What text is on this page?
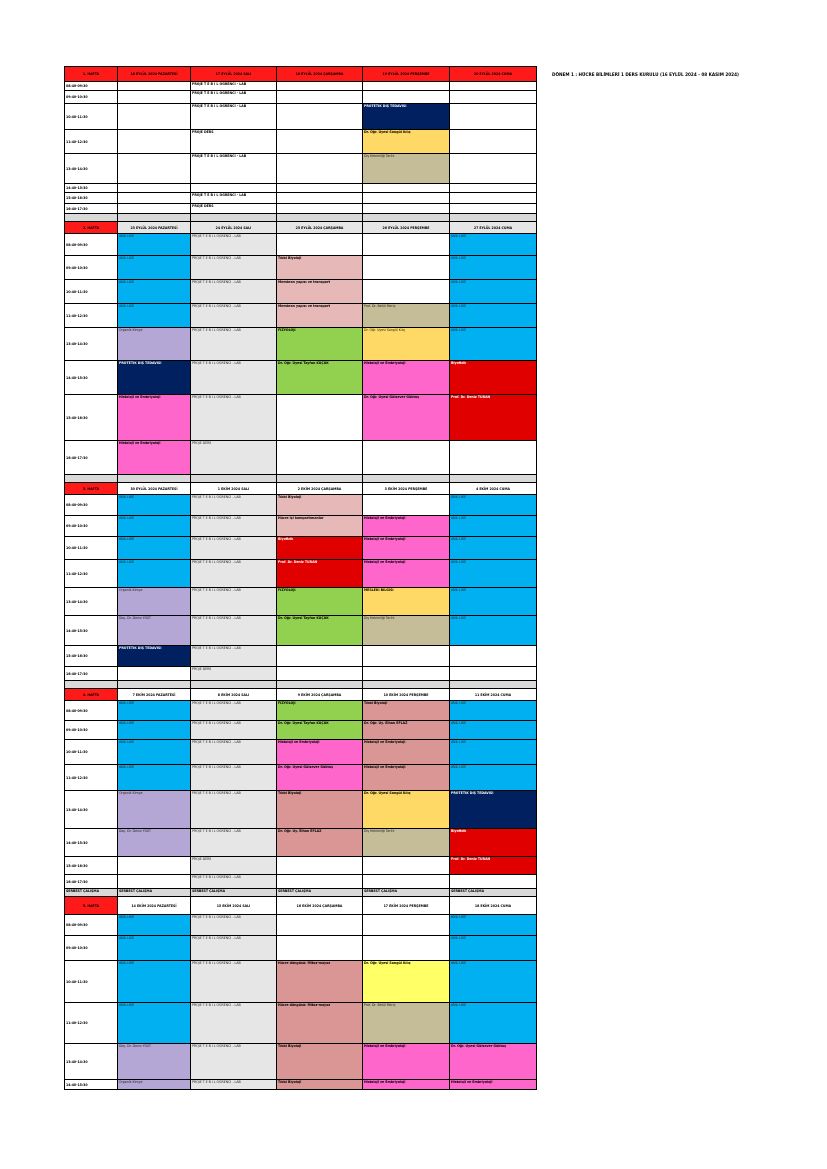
DÖNEM 1 : HÜCRE BİLİMLERİ 1 DERS KURULU (16 EYLÜL 2024 - 08 KASIM 2024)
1. HAFTA	16 EYLÜL 2024 PAZARTESİ	17 EYLÜL 2024 SALI	18 EYLÜL 2024 ÇARŞAMBA	19 EYLÜL 2024 PERŞEMBE	20 EYLÜL 2024 CUMA
08:40-09:30		PROJE T E B İ L ÖĞRENCİ - LAB			
09:40-10:30		PROJE T E B İ L ÖĞRENCİ - LAB			
10:40-11:30		PROJE T E B İ L ÖĞRENCİ - LAB		PROTETİK DİŞ TEDAVİSİ	
11:40-12:30		PROJE DERS		Dr. Öğr. Üyesi Songül Kılıç	
13:40-14:30		PROJE T E B İ L ÖĞRENCİ - LAB		Diş Hekimliği Tarihi	
14:40-15:30					
15:40-16:30		PROJE T E B İ L ÖĞRENCİ - LAB			
16:40-17:30		PROJE DERS			

2. HAFTA	23 EYLÜL 2024 PAZARTESİ	24 EYLÜL 2024 SALI	25 EYLÜL 2024 ÇARŞAMBA	26 EYLÜL 2024 PERŞEMBE	27 EYLÜL 2024 CUMA
08:40-09:30	ANİL LİKE	PROJE T E B İ L ÖĞRENCİ - LAB			ANİL LİKE
09:40-10:30	ANİL LİKE	PROJE T E B İ L ÖĞRENCİ - LAB	Tıbbi Biyoloji		ANİL LİKE
10:40-11:30	ANİL LİKE	PROJE T E B İ L ÖĞRENCİ - LAB	Membran yapısı ve transport		ANİL LİKE
11:40-12:30	ANİL LİKE	PROJE T E B İ L ÖĞRENCİ - LAB	Membran yapısı ve transport	Prof. Dr. Betül Meriç	ANİL LİKE
13:40-14:30	Organik Kimya	PROJE T E B İ L ÖĞRENCİ - LAB	FİZYOLOJİ	Dr. Öğr. Üyesi Songül Kılıç	ANİL LİKE
14:40-15:30	PROTETİK DİŞ TEDAVİSİ	PROJE T E B İ L ÖĞRENCİ - LAB	Dr. Öğr. Üyesi Tayfun KÜÇÜK	Histoloji ve Embriyoloji	Biyofizik
15:40-16:30	Histoloji ve Embriyoloji	PROJE T E B İ L ÖĞRENCİ - LAB		Dr. Öğr. Üyesi Gülsever Güktaş	Prof. Dr. Deniz TURAN
16:40-17:30	Histoloji ve Embriyoloji	PROJE DERS			

3. HAFTA	30 EYLÜL 2024 PAZARTESİ	1 EKİM 2024 SALI	2 EKİM 2024 ÇARŞAMBA	3 EKİM 2024 PERŞEMBE	4 EKİM 2024 CUMA
08:40-09:30	ANİL LİKE	PROJE T E B İ L ÖĞRENCİ - LAB	Tıbbi Biyoloji		ANİL LİKE
09:40-10:30	ANİL LİKE	PROJE T E B İ L ÖĞRENCİ - LAB	Hücre içi kompartımanlar	Histoloji ve Embriyoloji	ANİL LİKE
10:40-11:30	ANİL LİKE	PROJE T E B İ L ÖĞRENCİ - LAB	Biyofizik	Histoloji ve Embriyoloji	ANİL LİKE
11:40-12:30	ANİL LİKE	PROJE T E B İ L ÖĞRENCİ - LAB	Prof. Dr. Deniz TURAN	Histoloji ve Embriyoloji	ANİL LİKE
13:40-14:30	Organik Kimya	PROJE T E B İ L ÖĞRENCİ - LAB	FİZYOLOJİ	MESLEKİ BİLGİSİ	ANİL LİKE
14:40-15:30	Doç. Dr. Deniz YİĞİT	PROJE T E B İ L ÖĞRENCİ - LAB	Dr. Öğr. Üyesi Tayfun KÜÇÜK	Diş Hekimliği Tarihi	ANİL LİKE
15:40-16:30	PROTETİK DİŞ TEDAVİSİ	PROJE T E B İ L ÖĞRENCİ - LAB			
16:40-17:30		PROJE DERS			

4. HAFTA	7 EKİM 2024 PAZARTESİ	8 EKİM 2024 SALI	9 EKİM 2024 ÇARŞAMBA	10 EKİM 2024 PERŞEMBE	11 EKİM 2024 CUMA
08:40-09:30	ANİL LİKE	PROJE T E B İ L ÖĞRENCİ - LAB	FİZYOLOJİ	Tıbbi Biyoloji	ANİL LİKE
09:40-10:30	ANİL LİKE	PROJE T E B İ L ÖĞRENCİ - LAB	Dr. Öğr. Üyesi Tayfun KÜÇÜK	Dr. Öğr. Üy. Elhan EFLAZ	ANİL LİKE
10:40-11:30	ANİL LİKE	PROJE T E B İ L ÖĞRENCİ - LAB	Histoloji ve Embriyoloji	Histoloji ve Embriyoloji	ANİL LİKE
11:40-12:30	ANİL LİKE	PROJE T E B İ L ÖĞRENCİ - LAB	Dr. Öğr. Üyesi Gülsever Güktaş	Histoloji ve Embriyoloji	ANİL LİKE
13:40-14:30	Organik Kimya	PROJE T E B İ L ÖĞRENCİ - LAB	Tıbbi Biyoloji	Dr. Öğr. Üyesi Songül Kılıç	PROTETİK DİŞ TEDAVİSİ
14:40-15:30	Doç. Dr. Deniz YİĞİT	PROJE T E B İ L ÖĞRENCİ - LAB	Dr. Öğr. Üy. Elhan EFLAZ	Diş Hekimliği Tarihi	Biyofizik
15:40-16:30		PROJE DERS			Prof. Dr. Deniz TURAN
16:40-17:30		PROJE T E B İ L ÖĞRENCİ - LAB			
SERBEST ÇALIŞMA	SERBEST ÇALIŞMA	SERBEST ÇALIŞMA	SERBEST ÇALIŞMA	SERBEST ÇALIŞMA	SERBEST ÇALIŞMA
5. HAFTA	14 EKİM 2024 PAZARTESİ	15 EKİM 2024 SALI	16 EKİM 2024 ÇARŞAMBA	17 EKİM 2024 PERŞEMBE	18 EKİM 2024 CUMA
08:40-09:30	ANİL LİKE	PROJE T E B İ L ÖĞRENCİ - LAB			ANİL LİKE
09:40-10:30	ANİL LİKE	PROJE T E B İ L ÖĞRENCİ - LAB			ANİL LİKE
10:40-11:30	ANİL LİKE	PROJE T E B İ L ÖĞRENCİ - LAB	Hücre döngüsü: Mitoz-mayoz	Dr. Öğr. Üyesi Songül Kılıç	ANİL LİKE
11:40-12:30	ANİL LİKE	PROJE T E B İ L ÖĞRENCİ - LAB	Hücre döngüsü: Mitoz-mayoz	Prof. Dr. Betül Meriç	ANİL LİKE
13:40-14:30	Doç. Dr. Deniz YİĞİT	PROJE T E B İ L ÖĞRENCİ - LAB	Tıbbi Biyoloji	Histoloji ve Embriyoloji	Dr. Öğr. Üyesi Gülsever Güktaş
14:40-15:30	Organik Kimya	PROJE T E B İ L ÖĞRENCİ - LAB	Tıbbi Biyoloji	Histoloji ve Embriyoloji	Histoloji ve Embriyoloji
